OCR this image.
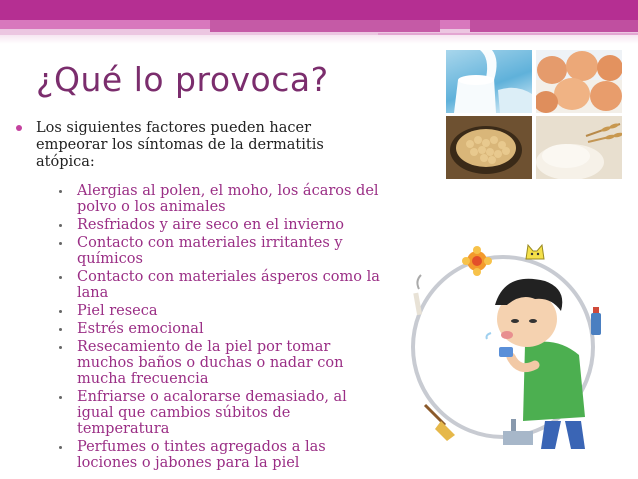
¿Qué lo provoca?
Los siguientes factores pueden hacer empeorar los síntomas de la dermatitis atópica:
Alergias al polen, el moho, los ácaros del polvo o los animales
Resfriados y aire seco en el invierno
Contacto con materiales irritantes y químicos
Contacto con materiales ásperos como la lana
Piel reseca
Estrés emocional
Resecamiento de la piel por tomar muchos baños o duchas o nadar con mucha frecuencia
Enfriarse o acalorarse demasiado, al igual que cambios súbitos de temperatura
Perfumes o tintes agregados a las lociones o jabones para la piel
